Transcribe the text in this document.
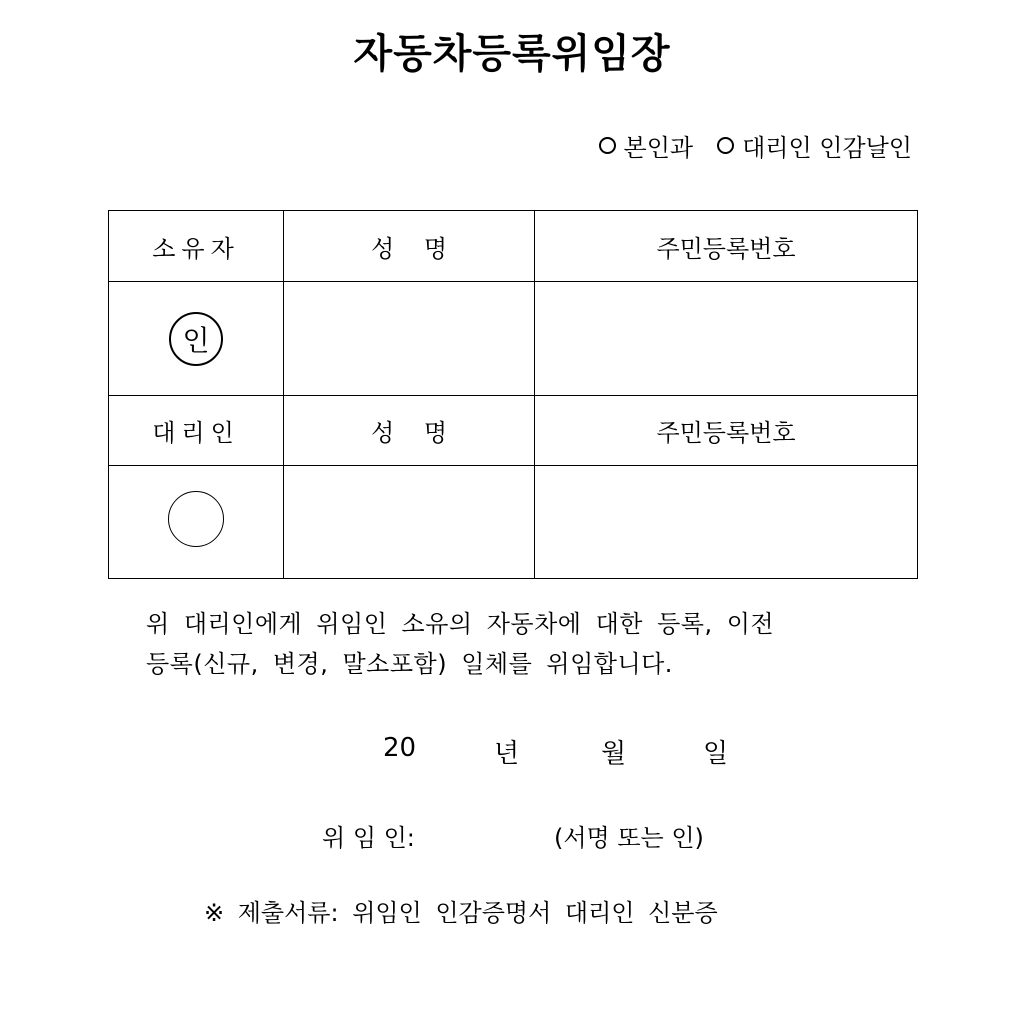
자동차등록위임장
본인과 대리인 인감날인
소유자	성 명	주민등록번호
인		
대리인	성 명	주민등록번호

위 대리인에게 위임인 소유의 자동차에 대한 등록, 이전
등록(신규, 변경, 말소포함) 일체를 위임합니다.
20	년	월	일
위 임 인:	(서명 또는 인)
※ 제출서류: 위임인 인감증명서 대리인 신분증
